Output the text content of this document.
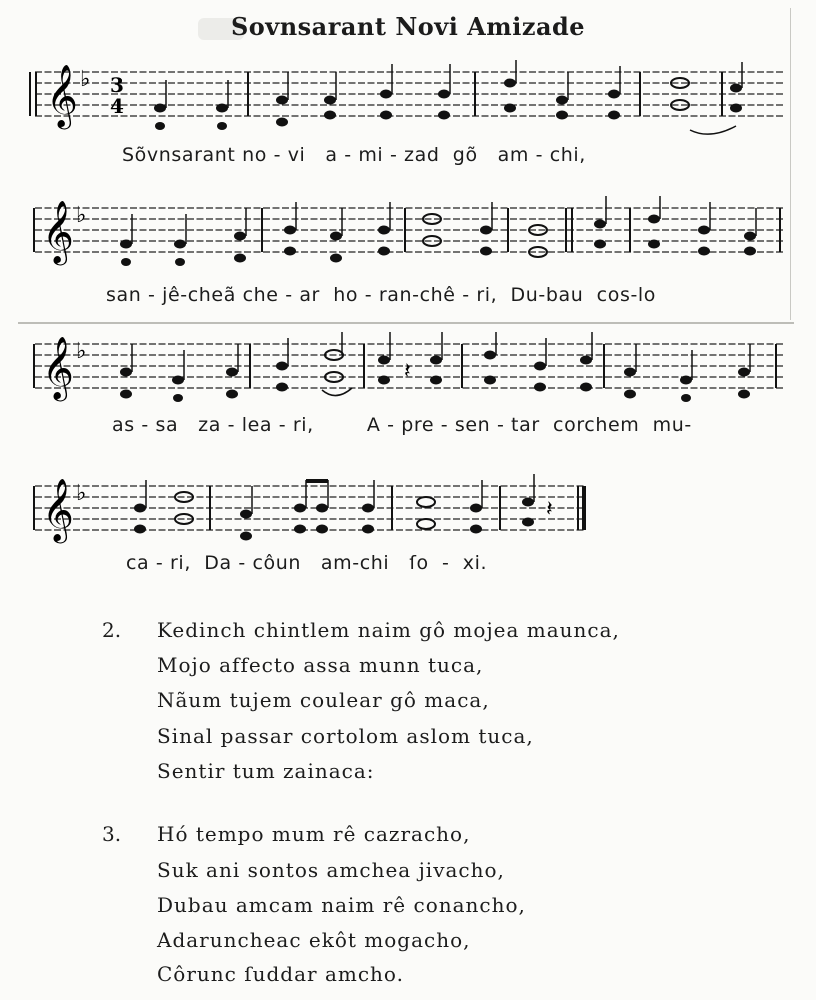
Sovnsarant Novi Amizade
𝄞 ♭ 3
4
Sõvnsarant no - vi   a - mi - zad  gõ   am - chi,
𝄞 ♭
san - jê-cheã che - ar  ho - ran-chê - ri,  Du-bau  cos-lo
𝄞 ♭
𝄽
as - sa   za - lea - ri,        A - pre - sen - tar  corchem  mu-
𝄞 ♭
𝄽
ca - ri,  Da - côun   am-chi   ſo  -  xi.
2. Kedinch chintlem naim gô mojea maunca,
Mojo affecto assa munn tuca,
Nãum tujem coulear gô maca,
Sinal passar cortolom aslom tuca,
Sentir tum zainaca:
3. Hó tempo mum rê cazracho,
Suk ani sontos amchea jivacho,
Dubau amcam naim rê conancho,
Adaruncheac ekôt mogacho,
Côrunc ſuddar amcho.
